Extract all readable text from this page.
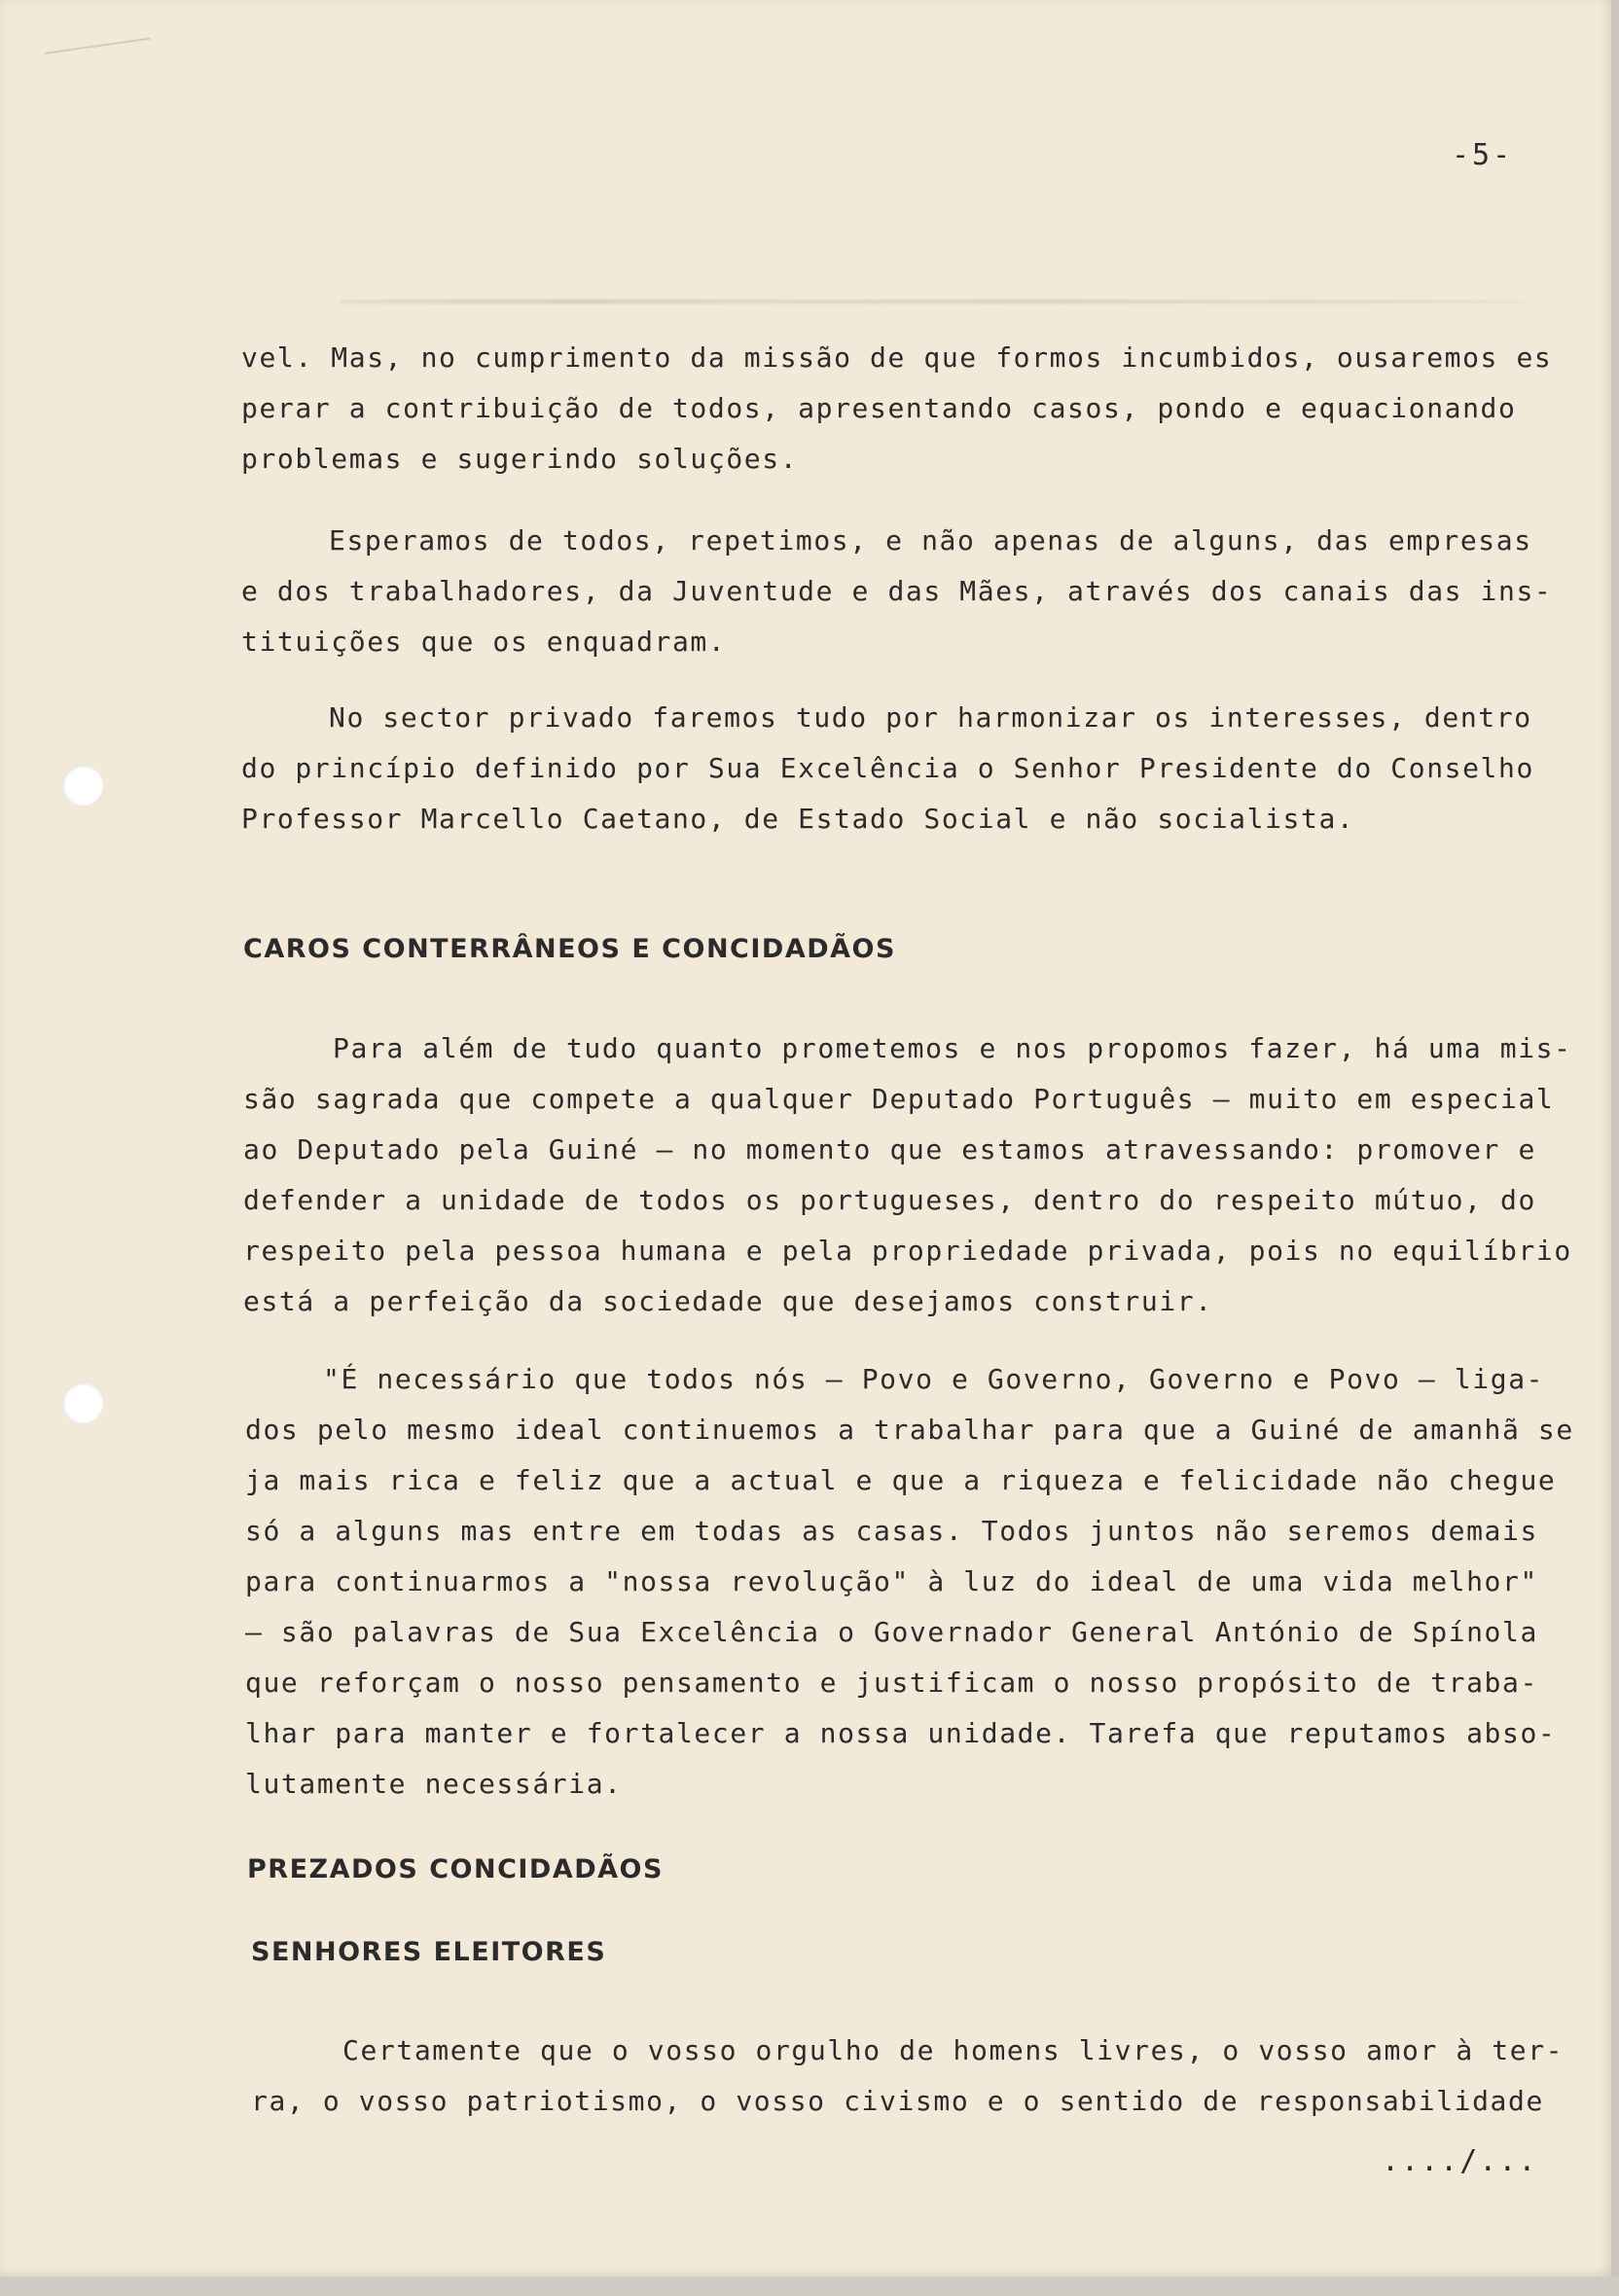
-5-

vel. Mas, no cumprimento da missão de que formos incumbidos, ousaremos es
perar a contribuição de todos, apresentando casos, pondo e equacionando
problemas e sugerindo soluções.

Esperamos de todos, repetimos, e não apenas de alguns, das empresas
e dos trabalhadores, da Juventude e das Mães, através dos canais das ins-
tituições que os enquadram.

No sector privado faremos tudo por harmonizar os interesses, dentro
do princípio definido por Sua Excelência o Senhor Presidente do Conselho
Professor Marcello Caetano, de Estado Social e não socialista.

CAROS CONTERRÂNEOS E CONCIDADÃOS

Para além de tudo quanto prometemos e nos propomos fazer, há uma mis-
são sagrada que compete a qualquer Deputado Português — muito em especial
ao Deputado pela Guiné — no momento que estamos atravessando: promover e
defender a unidade de todos os portugueses, dentro do respeito mútuo, do
respeito pela pessoa humana e pela propriedade privada, pois no equilíbrio
está a perfeição da sociedade que desejamos construir.

"É necessário que todos nós — Povo e Governo, Governo e Povo — liga-
dos pelo mesmo ideal continuemos a trabalhar para que a Guiné de amanhã se
ja mais rica e feliz que a actual e que a riqueza e felicidade não chegue
só a alguns mas entre em todas as casas. Todos juntos não seremos demais
para continuarmos a "nossa revolução" à luz do ideal de uma vida melhor"
— são palavras de Sua Excelência o Governador General António de Spínola
que reforçam o nosso pensamento e justificam o nosso propósito de traba-
lhar para manter e fortalecer a nossa unidade. Tarefa que reputamos abso-
lutamente necessária.

PREZADOS CONCIDADÃOS
SENHORES ELEITORES

Certamente que o vosso orgulho de homens livres, o vosso amor à ter-
ra, o vosso patriotismo, o vosso civismo e o sentido de responsabilidade

..../...
